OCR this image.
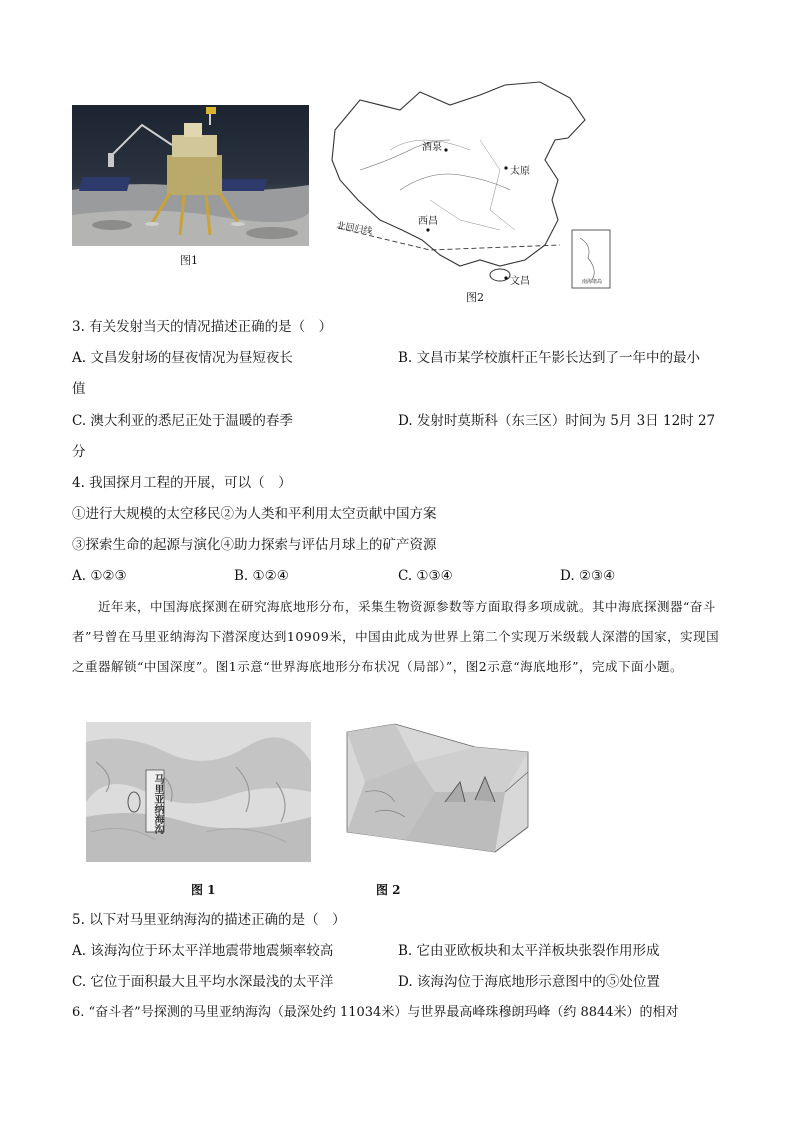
图1
酒泉
太原
西昌
文昌
北回归线
南海诸岛
图2
3. 有关发射当天的情况描述正确的是（　）
A. 文昌发射场的昼夜情况为昼短夜长	B. 文昌市某学校旗杆正午影长达到了一年中的最小
值
C. 澳大利亚的悉尼正处于温暖的春季	D. 发射时莫斯科（东三区）时间为 5月 3日 12时 27
分
4. 我国探月工程的开展，可以（　）
①进行大规模的太空移民②为人类和平利用太空贡献中国方案
③探索生命的起源与演化④助力探索与评估月球上的矿产资源
A. ①②③	B. ①②④	C. ①③④	D. ②③④
近年来，中国海底探测在研究海底地形分布，采集生物资源参数等方面取得多项成就。其中海底探测器“奋斗者”号曾在马里亚纳海沟下潜深度达到10909米，中国由此成为世界上第二个实现万米级载人深潜的国家，实现国之重器解锁“中国深度”。图1示意“世界海底地形分布状况（局部）”，图2示意“海底地形”，完成下面小题。
马里亚纳海沟
图 1	图 2
5. 以下对马里亚纳海沟的描述正确的是（　）
A. 该海沟位于环太平洋地震带地震频率较高	B. 它由亚欧板块和太平洋板块张裂作用形成
C. 它位于面积最大且平均水深最浅的太平洋	D. 该海沟位于海底地形示意图中的⑤处位置
6. “奋斗者”号探测的马里亚纳海沟（最深处约 11034米）与世界最高峰珠穆朗玛峰（约 8844米）的相对
